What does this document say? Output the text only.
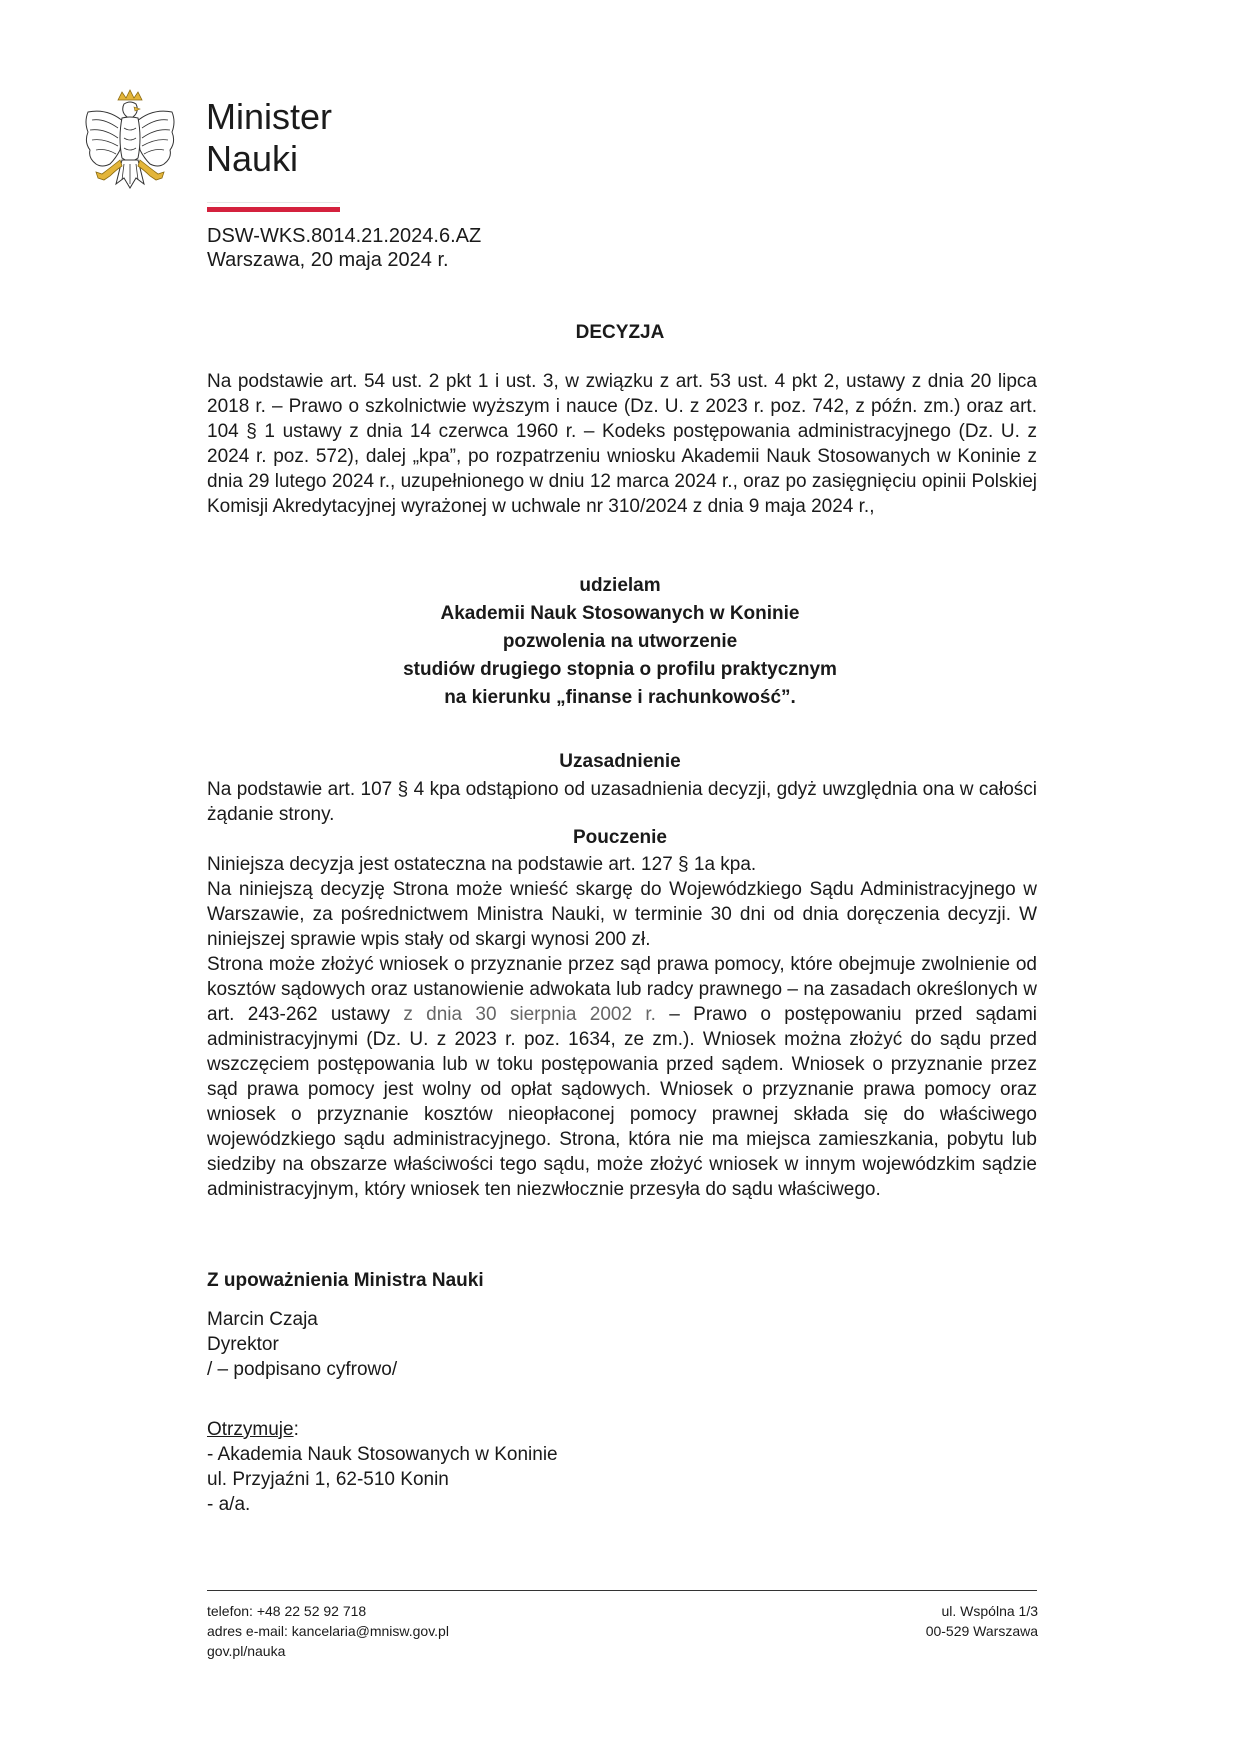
Minister
Nauki
DSW-WKS.8014.21.2024.6.AZ
Warszawa, 20 maja 2024 r.
DECYZJA

Na podstawie art. 54 ust. 2 pkt 1 i ust. 3, w związku z art. 53 ust. 4 pkt 2, ustawy z dnia 20 lipca 2018 r. – Prawo o szkolnictwie wyższym i nauce (Dz. U. z 2023 r. poz. 742, z późn. zm.) oraz art. 104 § 1 ustawy z dnia 14 czerwca 1960 r. – Kodeks postępowania administracyjnego (Dz. U. z 2024 r. poz. 572), dalej „kpa”, po rozpatrzeniu wniosku Akademii Nauk Stosowanych w Koninie z dnia 29 lutego 2024 r., uzupełnionego w dniu 12 marca 2024 r., oraz po zasięgnięciu opinii Polskiej Komisji Akredytacyjnej wyrażonej w uchwale nr 310/2024 z dnia 9 maja 2024 r.,

udzielam
Akademii Nauk Stosowanych w Koninie
pozwolenia na utworzenie
studiów drugiego stopnia o profilu praktycznym
na kierunku „finanse i rachunkowość”.
Uzasadnienie

Na podstawie art. 107 § 4 kpa odstąpiono od uzasadnienia decyzji, gdyż uwzględnia ona w całości żądanie strony.

Pouczenie
Niniejsza decyzja jest ostateczna na podstawie art. 127 § 1a kpa.
Na niniejszą decyzję Strona może wnieść skargę do Wojewódzkiego Sądu Administracyjnego w Warszawie, za pośrednictwem Ministra Nauki, w terminie 30 dni od dnia doręczenia decyzji. W niniejszej sprawie wpis stały od skargi wynosi 200 zł.
Strona może złożyć wniosek o przyznanie przez sąd prawa pomocy, które obejmuje zwolnienie od kosztów sądowych oraz ustanowienie adwokata lub radcy prawnego – na zasadach określonych w art. 243-262 ustawy z dnia 30 sierpnia 2002 r. – Prawo o postępowaniu przed sądami administracyjnymi (Dz. U. z 2023 r. poz. 1634, ze zm.). Wniosek można złożyć do sądu przed wszczęciem postępowania lub w toku postępowania przed sądem. Wniosek o przyznanie przez sąd prawa pomocy jest wolny od opłat sądowych. Wniosek o przyznanie prawa pomocy oraz wniosek o przyznanie kosztów nieopłaconej pomocy prawnej składa się do właściwego wojewódzkiego sądu administracyjnego. Strona, która nie ma miejsca zamieszkania, pobytu lub siedziby na obszarze właściwości tego sądu, może złożyć wniosek w innym wojewódzkim sądzie administracyjnym, który wniosek ten niezwłocznie przesyła do sądu właściwego.
Z upoważnienia Ministra Nauki
Marcin Czaja
Dyrektor
/ – podpisano cyfrowo/
Otrzymuje:
- Akademia Nauk Stosowanych w Koninie
ul. Przyjaźni 1, 62-510 Konin
- a/a.
telefon: +48 22 52 92 718
adres e-mail: kancelaria@mnisw.gov.pl
gov.pl/nauka
ul. Wspólna 1/3
00-529 Warszawa
